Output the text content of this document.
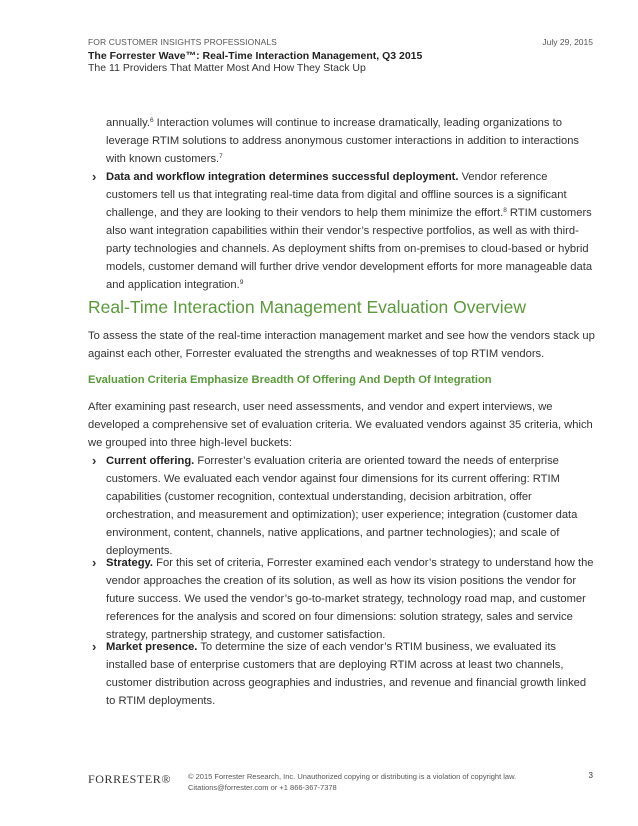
FOR CUSTOMER INSIGHTS PROFESSIONALS	July 29, 2015
The Forrester Wave™: Real-Time Interaction Management, Q3 2015
The 11 Providers That Matter Most And How They Stack Up

annually.$^6$ Interaction volumes will continue to increase dramatically, leading organizations to leverage RTIM solutions to address anonymous customer interactions in addition to interactions with known customers.$^7$

› Data and workflow integration determines successful deployment. Vendor reference customers tell us that integrating real-time data from digital and offline sources is a significant challenge, and they are looking to their vendors to help them minimize the effort.$^8$ RTIM customers also want integration capabilities within their vendor’s respective portfolios, as well as with third-party technologies and channels. As deployment shifts from on-premises to cloud-based or hybrid models, customer demand will further drive vendor development efforts for more manageable data and application integration.$^9$

Real-Time Interaction Management Evaluation Overview

To assess the state of the real-time interaction management market and see how the vendors stack up against each other, Forrester evaluated the strengths and weaknesses of top RTIM vendors.

Evaluation Criteria Emphasize Breadth Of Offering And Depth Of Integration

After examining past research, user need assessments, and vendor and expert interviews, we developed a comprehensive set of evaluation criteria. We evaluated vendors against 35 criteria, which we grouped into three high-level buckets:

› Current offering. Forrester’s evaluation criteria are oriented toward the needs of enterprise customers. We evaluated each vendor against four dimensions for its current offering: RTIM capabilities (customer recognition, contextual understanding, decision arbitration, offer orchestration, and measurement and optimization); user experience; integration (customer data environment, content, channels, native applications, and partner technologies); and scale of deployments.

› Strategy. For this set of criteria, Forrester examined each vendor’s strategy to understand how the vendor approaches the creation of its solution, as well as how its vision positions the vendor for future success. We used the vendor’s go-to-market strategy, technology road map, and customer references for the analysis and scored on four dimensions: solution strategy, sales and service strategy, partnership strategy, and customer satisfaction.

› Market presence. To determine the size of each vendor’s RTIM business, we evaluated its installed base of enterprise customers that are deploying RTIM across at least two channels, customer distribution across geographies and industries, and revenue and financial growth linked to RTIM deployments.

FORRESTER® © 2015 Forrester Research, Inc. Unauthorized copying or distributing is a violation of copyright law.
Citations@forrester.com or +1 866-367-7378
3
